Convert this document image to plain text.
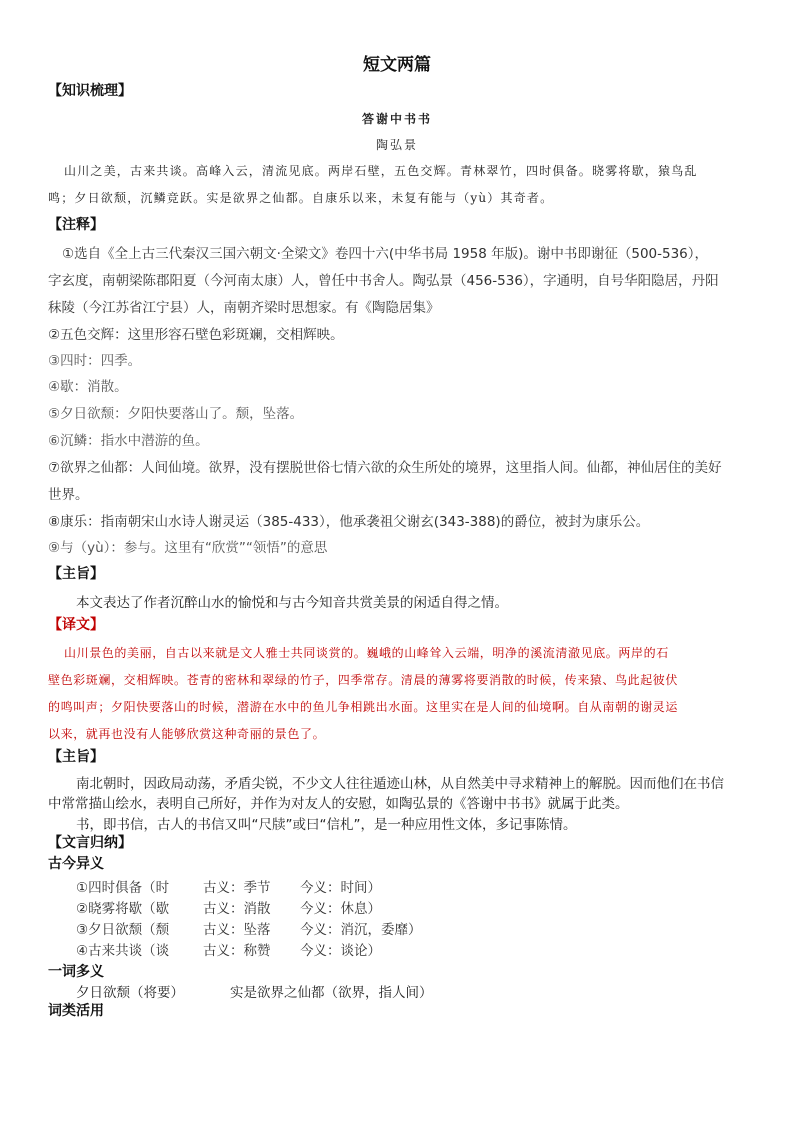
短文两篇
【知识梳理】
答谢中书书
陶弘景
山川之美，古来共谈。高峰入云，清流见底。两岸石壁，五色交辉。青林翠竹，四时俱备。晓雾将歇，猿鸟乱
鸣；夕日欲颓，沉鳞竞跃。实是欲界之仙都。自康乐以来，未复有能与（yù）其奇者。
【注释】
①选自《全上古三代秦汉三国六朝文·全梁文》卷四十六(中华书局 1958 年版)。谢中书即谢征（500-536），
字玄度，南朝梁陈郡阳夏（今河南太康）人，曾任中书舍人。陶弘景（456-536），字通明，自号华阳隐居，丹阳
秣陵（今江苏省江宁县）人，南朝齐梁时思想家。有《陶隐居集》
②五色交辉：这里形容石壁色彩斑斓，交相辉映。
③四时：四季。
④歇：消散。
⑤夕日欲颓：夕阳快要落山了。颓，坠落。
⑥沉鳞：指水中潜游的鱼。
⑦欲界之仙都：人间仙境。欲界，没有摆脱世俗七情六欲的众生所处的境界，这里指人间。仙都，神仙居住的美好
世界。
⑧康乐：指南朝宋山水诗人谢灵运（385-433），他承袭祖父谢玄(343-388)的爵位，被封为康乐公。
⑨与（yù）：参与。这里有“欣赏”“领悟”的意思
【主旨】
本文表达了作者沉醉山水的愉悦和与古今知音共赏美景的闲适自得之情。
【译文】
山川景色的美丽，自古以来就是文人雅士共同谈赏的。巍峨的山峰耸入云端，明净的溪流清澈见底。两岸的石
壁色彩斑斓，交相辉映。苍青的密林和翠绿的竹子，四季常存。清晨的薄雾将要消散的时候，传来猿、鸟此起彼伏
的鸣叫声；夕阳快要落山的时候，潜游在水中的鱼儿争相跳出水面。这里实在是人间的仙境啊。自从南朝的谢灵运
以来，就再也没有人能够欣赏这种奇丽的景色了。
【主旨】
南北朝时，因政局动荡，矛盾尖锐，不少文人往往遁迹山林，从自然美中寻求精神上的解脱。因而他们在书信
中常常描山绘水，表明自己所好，并作为对友人的安慰，如陶弘景的《答谢中书书》就属于此类。
书，即书信，古人的书信又叫“尺牍”或曰“信札”，是一种应用性文体，多记事陈情。
【文言归纳】
古今异义
①四时俱备（时	古义：季节 今义：时间）
②晓雾将歇（歇	古义：消散 今义：休息）
③夕日欲颓（颓	古义：坠落 今义：消沉，委靡）
④古来共谈（谈	古义：称赞 今义：谈论）
一词多义
夕日欲颓（将要）	实是欲界之仙都（欲界，指人间）
词类活用
